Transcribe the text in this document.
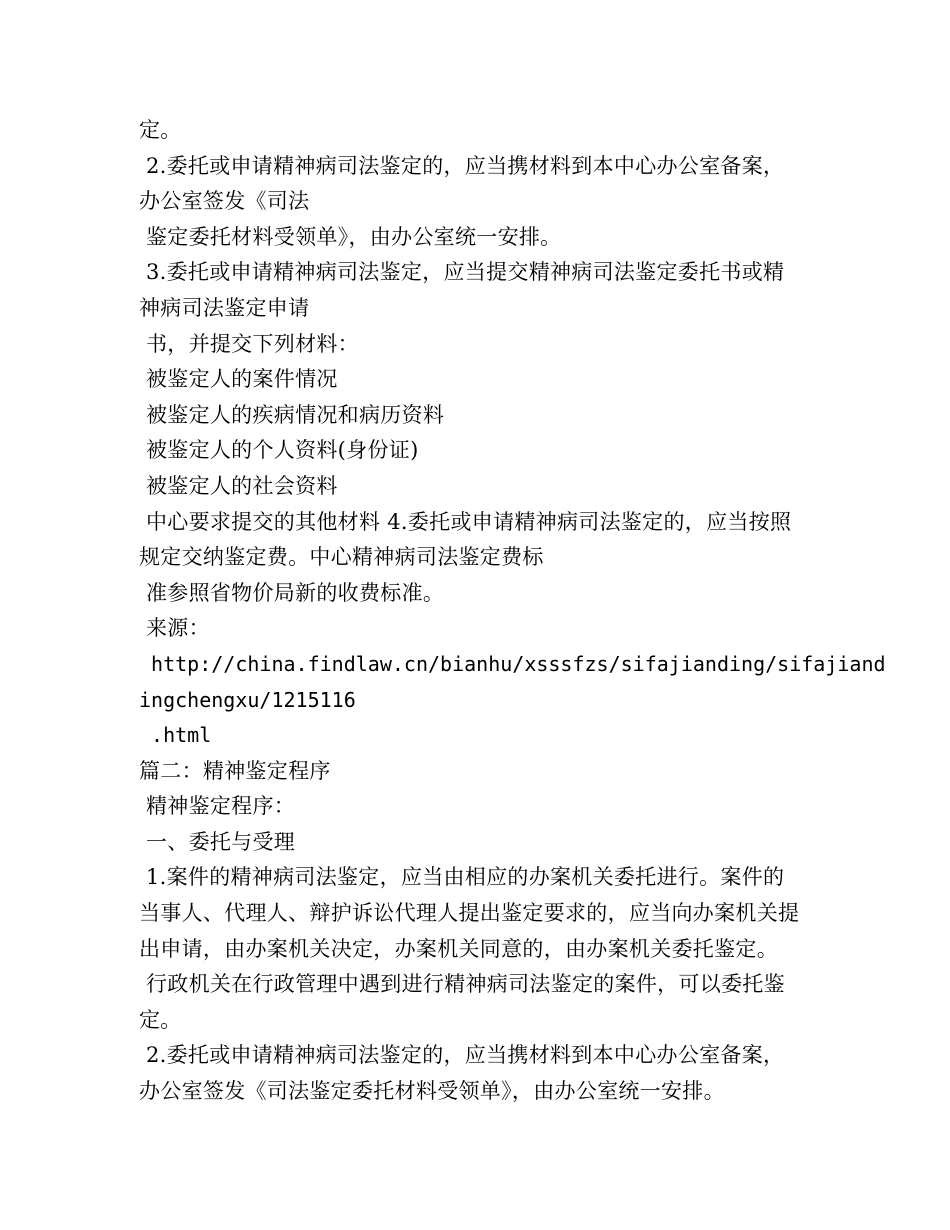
定。
2.委托或申请精神病司法鉴定的，应当携材料到本中心办公室备案，
办公室签发《司法
鉴定委托材料受领单》，由办公室统一安排。
3.委托或申请精神病司法鉴定，应当提交精神病司法鉴定委托书或精
神病司法鉴定申请
书，并提交下列材料：
被鉴定人的案件情况
被鉴定人的疾病情况和病历资料
被鉴定人的个人资料(身份证)
被鉴定人的社会资料
中心要求提交的其他材料 4.委托或申请精神病司法鉴定的，应当按照
规定交纳鉴定费。中心精神病司法鉴定费标
准参照省物价局新的收费标准。
来源：
http://china.findlaw.cn/bianhu/xsssfzs/sifajianding/sifajiand
ingchengxu/1215116
.html
篇二：精神鉴定程序
精神鉴定程序：
一、委托与受理
1.案件的精神病司法鉴定，应当由相应的办案机关委托进行。案件的
当事人、代理人、辩护诉讼代理人提出鉴定要求的，应当向办案机关提
出申请，由办案机关决定，办案机关同意的，由办案机关委托鉴定。
行政机关在行政管理中遇到进行精神病司法鉴定的案件，可以委托鉴
定。
2.委托或申请精神病司法鉴定的，应当携材料到本中心办公室备案，
办公室签发《司法鉴定委托材料受领单》，由办公室统一安排。
